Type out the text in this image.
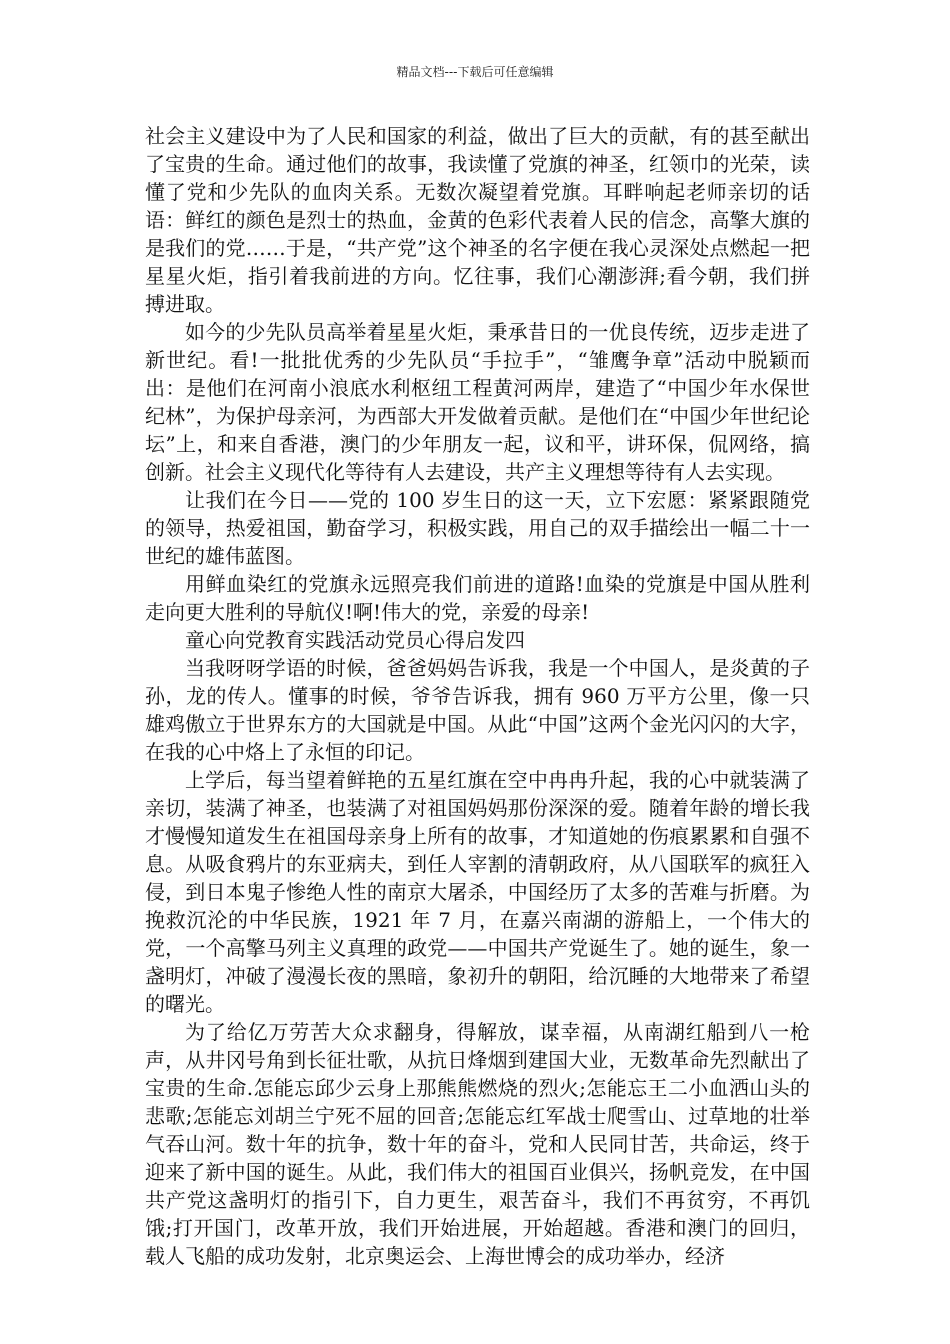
精品文档---下载后可任意编辑

社会主义建设中为了人民和国家的利益，做出了巨大的贡献，有的甚至献出了宝贵的生命。通过他们的故事，我读懂了党旗的神圣，红领巾的光荣，读懂了党和少先队的血肉关系。无数次凝望着党旗。耳畔响起老师亲切的话语：鲜红的颜色是烈士的热血，金黄的色彩代表着人民的信念，高擎大旗的是我们的党……于是，“共产党”这个神圣的名字便在我心灵深处点燃起一把星星火炬，指引着我前进的方向。忆往事，我们心潮澎湃;看今朝，我们拼搏进取。

如今的少先队员高举着星星火炬，秉承昔日的一优良传统，迈步走进了新世纪。看!一批批优秀的少先队员“手拉手”，“雏鹰争章”活动中脱颖而出：是他们在河南小浪底水利枢纽工程黄河两岸，建造了“中国少年水保世纪林”，为保护母亲河，为西部大开发做着贡献。是他们在“中国少年世纪论坛”上，和来自香港，澳门的少年朋友一起，议和平，讲环保，侃网络，搞创新。社会主义现代化等待有人去建设，共产主义理想等待有人去实现。

让我们在今日——党的 100 岁生日的这一天，立下宏愿：紧紧跟随党的领导，热爱祖国，勤奋学习，积极实践，用自己的双手描绘出一幅二十一世纪的雄伟蓝图。

用鲜血染红的党旗永远照亮我们前进的道路!血染的党旗是中国从胜利走向更大胜利的导航仪!啊!伟大的党，亲爱的母亲!

童心向党教育实践活动党员心得启发四

当我呀呀学语的时候，爸爸妈妈告诉我，我是一个中国人，是炎黄的子孙，龙的传人。懂事的时候，爷爷告诉我，拥有 960 万平方公里，像一只雄鸡傲立于世界东方的大国就是中国。从此“中国”这两个金光闪闪的大字，在我的心中烙上了永恒的印记。

上学后，每当望着鲜艳的五星红旗在空中冉冉升起，我的心中就装满了亲切，装满了神圣，也装满了对祖国妈妈那份深深的爱。随着年龄的增长我才慢慢知道发生在祖国母亲身上所有的故事，才知道她的伤痕累累和自强不息。从吸食鸦片的东亚病夫，到任人宰割的清朝政府，从八国联军的疯狂入侵，到日本鬼子惨绝人性的南京大屠杀，中国经历了太多的苦难与折磨。为挽救沉沦的中华民族，1921 年 7 月，在嘉兴南湖的游船上，一个伟大的党，一个高擎马列主义真理的政党——中国共产党诞生了。她的诞生，象一盏明灯，冲破了漫漫长夜的黑暗，象初升的朝阳，给沉睡的大地带来了希望的曙光。

为了给亿万劳苦大众求翻身，得解放，谋幸福，从南湖红船到八一枪声，从井冈号角到长征壮歌，从抗日烽烟到建国大业，无数革命先烈献出了宝贵的生命.怎能忘邱少云身上那熊熊燃烧的烈火;怎能忘王二小血洒山头的悲歌;怎能忘刘胡兰宁死不屈的回音;怎能忘红军战士爬雪山、过草地的壮举气吞山河。数十年的抗争，数十年的奋斗，党和人民同甘苦，共命运，终于迎来了新中国的诞生。从此，我们伟大的祖国百业俱兴，扬帆竞发，在中国共产党这盏明灯的指引下，自力更生，艰苦奋斗，我们不再贫穷，不再饥饿;打开国门，改革开放，我们开始进展，开始超越。香港和澳门的回归，载人飞船的成功发射，北京奥运会、上海世博会的成功举办，经济
